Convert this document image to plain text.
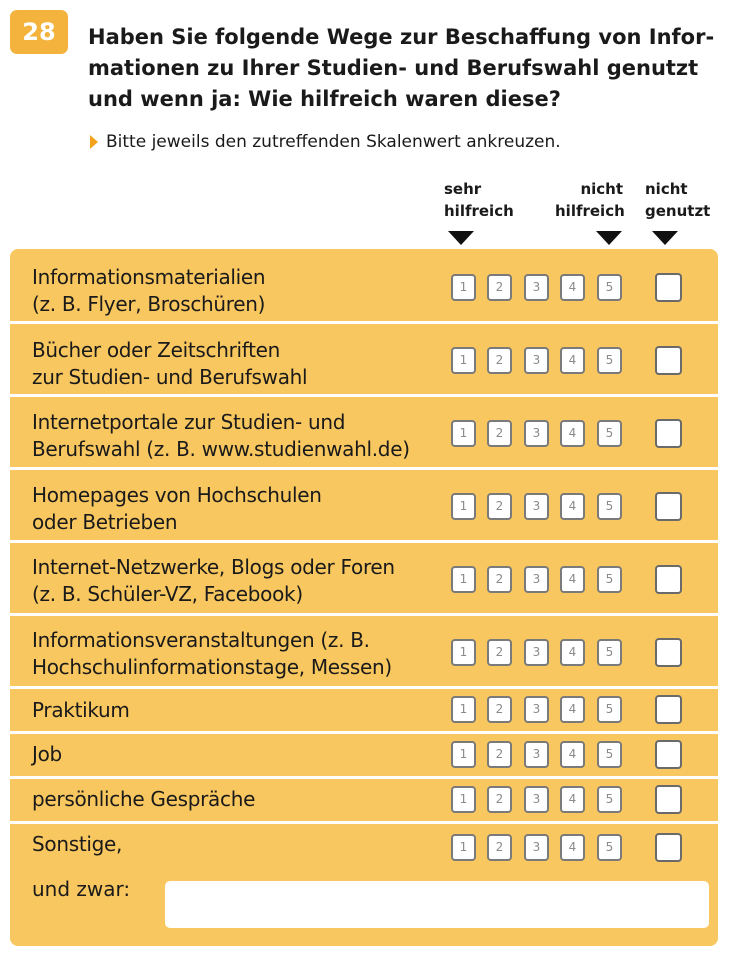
28	Haben Sie folgende Wege zur Beschaffung von Infor-
mationen zu Ihrer Studien- und Berufswahl genutzt
und wenn ja: Wie hilfreich waren diese?
Bitte jeweils den zutreffenden Skalenwert ankreuzen.
sehr
hilfreich
nicht
hilfreich
nicht
genutzt
und zwar:
Informationsmaterialien
(z. B. Flyer, Broschüren)
1	2	3	4	5
Bücher oder Zeitschriften
zur Studien- und Berufswahl
1	2	3	4	5
Internetportale zur Studien- und
Berufswahl (z. B. www.studienwahl.de)
1	2	3	4	5
Homepages von Hochschulen
oder Betrieben
1	2	3	4	5
Internet-Netzwerke, Blogs oder Foren
(z. B. Schüler-VZ, Facebook)
1	2	3	4	5
Informationsveranstaltungen (z. B.
Hochschulinformationstage, Messen)
1	2	3	4	5
Praktikum	1	2	3	4	5
Job	1	2	3	4	5
persönliche Gespräche	1	2	3	4	5
Sonstige,	1	2	3	4	5
